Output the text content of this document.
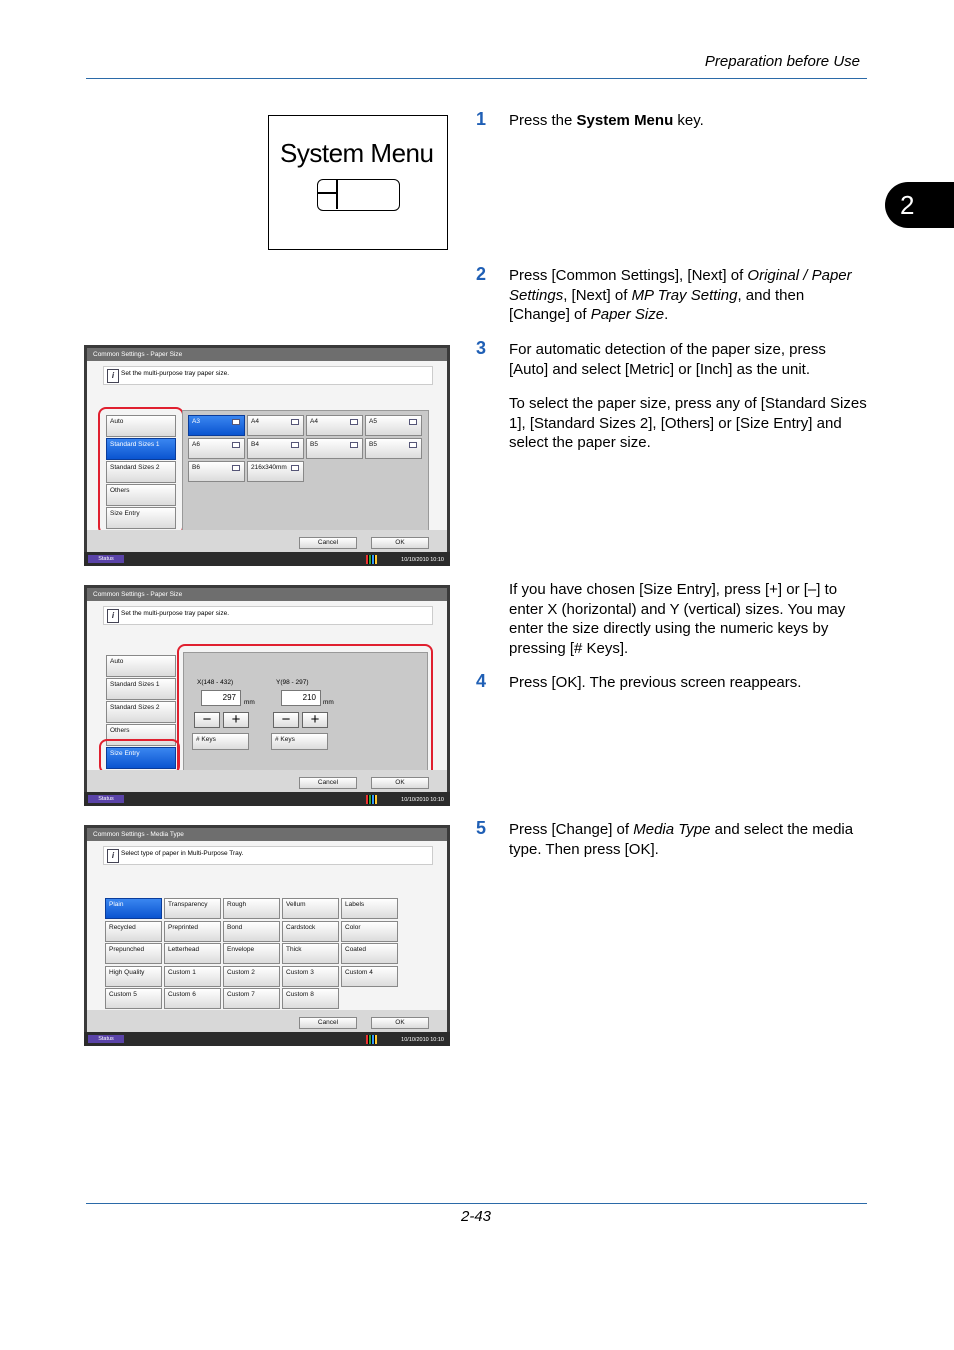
Preparation before Use
2
2-43
System Menu
1 Press the System Menu key.
2 Press [Common Settings], [Next] of Original / Paper Settings, [Next] of MP Tray Setting, and then [Change] of Paper Size.
3 For automatic detection of the paper size, press [Auto] and select [Metric] or [Inch] as the unit.
To select the paper size, press any of [Standard Sizes 1], [Standard Sizes 2], [Others] or [Size Entry] and select the paper size.
If you have chosen [Size Entry], press [+] or [–] to enter X (horizontal) and Y (vertical) sizes. You may enter the size directly using the numeric keys by pressing [# Keys].
4 Press [OK]. The previous screen reappears.
5 Press [Change] of Media Type and select the media type. Then press [OK].
Common Settings - Paper Size
i	Set the multi-purpose tray paper size.
Auto
Standard Sizes 1
Standard Sizes 2
Others
Size Entry
A3	A4	A4	A5
A6	B4	B5	B5
B6	216x340mm
Cancel	OK
Status	10/10/2010 10:10
Common Settings - Paper Size
i	Set the multi-purpose tray paper size.
Auto
Standard Sizes 1
Standard Sizes 2
Others
Size Entry
X(148 - 432)	Y(98 - 297)
297
mm
210
mm
−	+	−	+
# Keys	# Keys
Cancel	OK
Status	10/10/2010 10:10
Common Settings - Media Type
i	Select type of paper in Multi-Purpose Tray.
Plain	Transparency	Rough	Vellum	Labels
Recycled	Preprinted	Bond	Cardstock	Color
Prepunched	Letterhead	Envelope	Thick	Coated
High Quality	Custom 1	Custom 2	Custom 3	Custom 4
Custom 5	Custom 6	Custom 7	Custom 8
Cancel	OK
Status	10/10/2010 10:10
